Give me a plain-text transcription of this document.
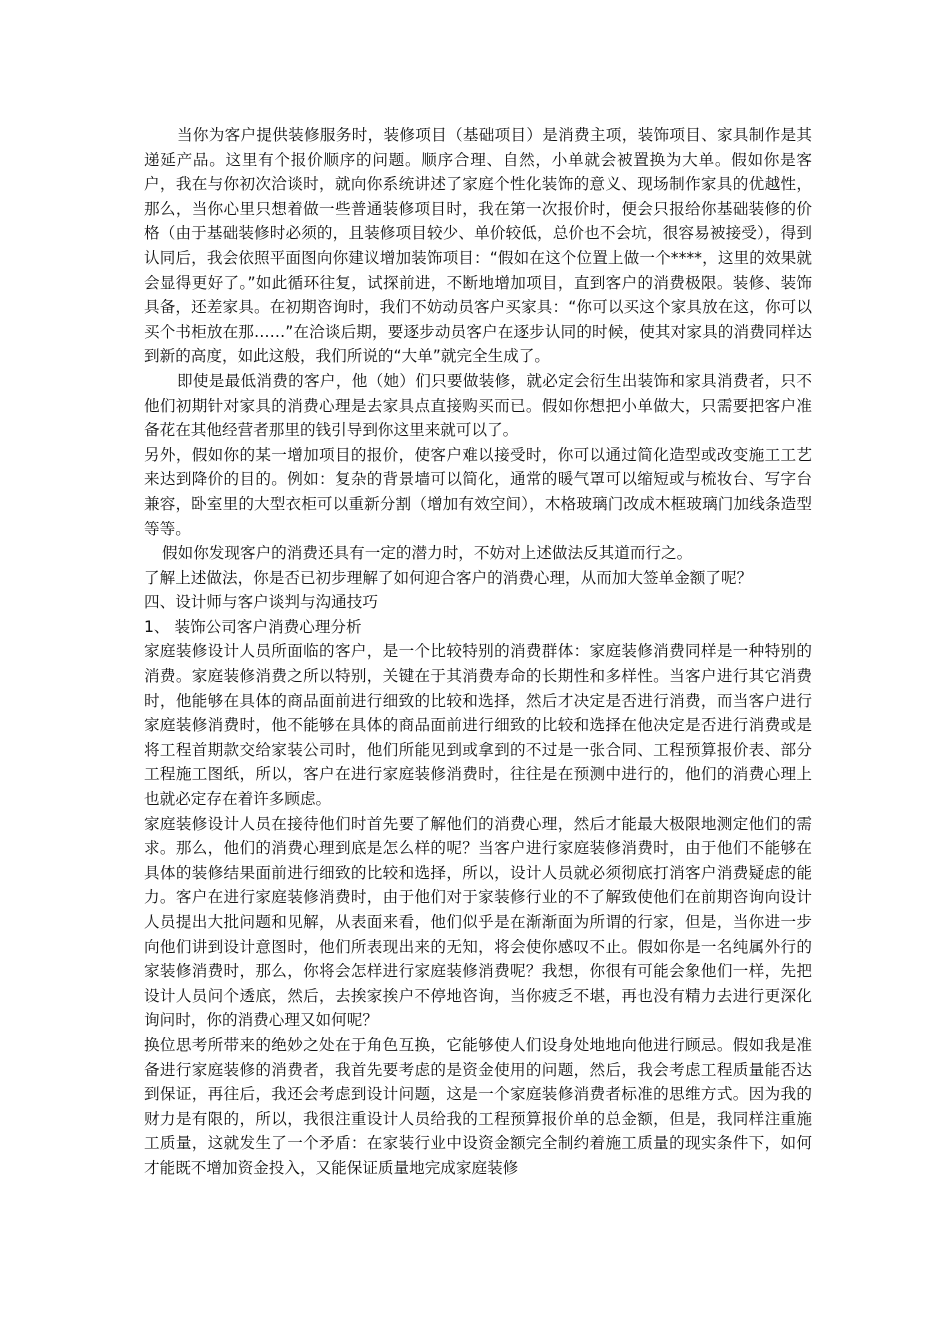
当你为客户提供装修服务时，装修项目（基础项目）是消费主项，装饰项目、家具制作是其递延产品。这里有个报价顺序的问题。顺序合理、自然，小单就会被置换为大单。假如你是客户，我在与你初次洽谈时，就向你系统讲述了家庭个性化装饰的意义、现场制作家具的优越性，那么，当你心里只想着做一些普通装修项目时，我在第一次报价时，便会只报给你基础装修的价格（由于基础装修时必须的，且装修项目较少、单价较低，总价也不会坑，很容易被接受），得到认同后，我会依照平面图向你建议增加装饰项目：“假如在这个位置上做一个****，这里的效果就会显得更好了。”如此循环往复，试探前进，不断地增加项目，直到客户的消费极限。装修、装饰具备，还差家具。在初期咨询时，我们不妨动员客户买家具：“你可以买这个家具放在这，你可以买个书柜放在那……”在洽谈后期，要逐步动员客户在逐步认同的时候，使其对家具的消费同样达到新的高度，如此这般，我们所说的“大单”就完全生成了。

即使是最低消费的客户，他（她）们只要做装修，就必定会衍生出装饰和家具消费者，只不他们初期针对家具的消费心理是去家具点直接购买而已。假如你想把小单做大，只需要把客户准备花在其他经营者那里的钱引导到你这里来就可以了。

另外，假如你的某一增加项目的报价，使客户难以接受时，你可以通过简化造型或改变施工工艺来达到降价的目的。例如：复杂的背景墙可以简化，通常的暖气罩可以缩短或与梳妆台、写字台兼容，卧室里的大型衣柜可以重新分割（增加有效空间），木格玻璃门改成木框玻璃门加线条造型等等。

假如你发现客户的消费还具有一定的潜力时，不妨对上述做法反其道而行之。

了解上述做法，你是否已初步理解了如何迎合客户的消费心理，从而加大签单金额了呢？

四、设计师与客户谈判与沟通技巧

1、 装饰公司客户消费心理分析

家庭装修设计人员所面临的客户，是一个比较特别的消费群体：家庭装修消费同样是一种特别的消费。家庭装修消费之所以特别，关键在于其消费寿命的长期性和多样性。当客户进行其它消费时，他能够在具体的商品面前进行细致的比较和选择，然后才决定是否进行消费，而当客户进行家庭装修消费时，他不能够在具体的商品面前进行细致的比较和选择在他决定是否进行消费或是将工程首期款交给家装公司时，他们所能见到或拿到的不过是一张合同、工程预算报价表、部分工程施工图纸，所以，客户在进行家庭装修消费时，往往是在预测中进行的，他们的消费心理上也就必定存在着许多顾虑。

家庭装修设计人员在接待他们时首先要了解他们的消费心理，然后才能最大极限地测定他们的需求。那么，他们的消费心理到底是怎么样的呢？当客户进行家庭装修消费时，由于他们不能够在具体的装修结果面前进行细致的比较和选择，所以，设计人员就必须彻底打消客户消费疑虑的能力。客户在进行家庭装修消费时，由于他们对于家装修行业的不了解致使他们在前期咨询向设计人员提出大批问题和见解，从表面来看，他们似乎是在渐渐面为所谓的行家，但是，当你进一步向他们讲到设计意图时，他们所表现出来的无知，将会使你感叹不止。假如你是一名纯属外行的家装修消费时，那么，你将会怎样进行家庭装修消费呢？我想，你很有可能会象他们一样，先把设计人员问个透底，然后，去挨家挨户不停地咨询，当你疲乏不堪，再也没有精力去进行更深化询问时，你的消费心理又如何呢？

换位思考所带来的绝妙之处在于角色互换，它能够使人们设身处地地向他进行顾忌。假如我是准备进行家庭装修的消费者，我首先要考虑的是资金使用的问题，然后，我会考虑工程质量能否达到保证，再往后，我还会考虑到设计问题，这是一个家庭装修消费者标准的思维方式。因为我的财力是有限的，所以，我很注重设计人员给我的工程预算报价单的总金额，但是，我同样注重施工质量，这就发生了一个矛盾：在家装行业中设资金额完全制约着施工质量的现实条件下，如何才能既不增加资金投入，又能保证质量地完成家庭装修
